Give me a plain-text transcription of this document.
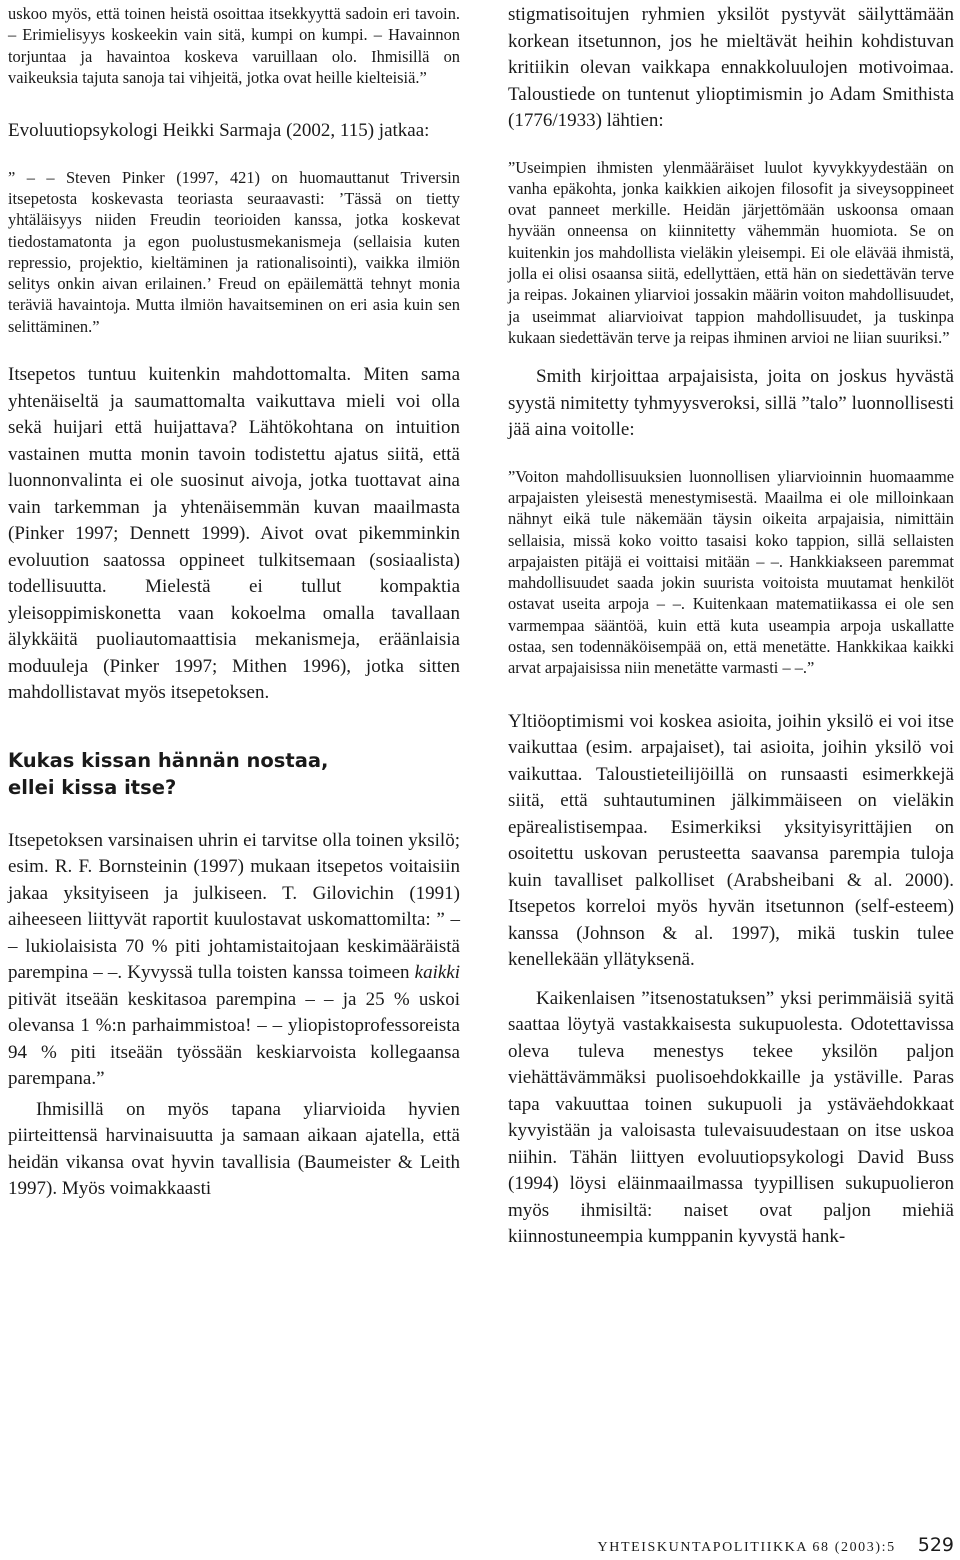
uskoo myös, että toinen heistä osoittaa itsekkyyttä sadoin eri tavoin. – Erimielisyys koskeekin vain sitä, kumpi on kumpi. – Havainnon torjuntaa ja havaintoa koskeva varuillaan olo. Ihmisillä on vaikeuksia tajuta sanoja tai vihjeitä, jotka ovat heille kielteisiä.”

Evoluutiopsykologi Heikki Sarmaja (2002, 115) jatkaa:

” – – Steven Pinker (1997, 421) on huomauttanut Triversin itsepetosta koskevasta teoriasta seuraavasti: ’Tässä on tietty yhtäläisyys niiden Freudin teorioiden kanssa, jotka koskevat tiedostamatonta ja egon puolustusmekanismeja (sellaisia kuten repressio, projektio, kieltäminen ja rationalisointi), vaikka ilmiön selitys onkin aivan erilainen.’ Freud on epäilemättä tehnyt monia teräviä havaintoja. Mutta ilmiön havaitseminen on eri asia kuin sen selittäminen.”

Itsepetos tuntuu kuitenkin mahdottomalta. Miten sama yhtenäiseltä ja saumattomalta vaikuttava mieli voi olla sekä huijari että huijattava? Lähtökohtana on intuition vastainen mutta monin tavoin todistettu ajatus siitä, että luonnonvalinta ei ole suosinut aivoja, jotka tuottavat aina vain tarkemman ja yhtenäisemmän kuvan maailmasta (Pinker 1997; Dennett 1999). Aivot ovat pikemminkin evoluution saatossa oppineet tulkitsemaan (sosiaalista) todellisuutta. Mielestä ei tullut kompaktia yleisoppimiskonetta vaan kokoelma omalla tavallaan älykkäitä puoliautomaattisia mekanismeja, eräänlaisia moduuleja (Pinker 1997; Mithen 1996), jotka sitten mahdollistavat myös itsepetoksen.

Kukas kissan hännän nostaa,
ellei kissa itse?

Itsepetoksen varsinaisen uhrin ei tarvitse olla toinen yksilö; esim. R. F. Bornsteinin (1997) mukaan itsepetos voitaisiin jakaa yksityiseen ja julkiseen. T. Gilovichin (1991) aiheeseen liittyvät raportit kuulostavat uskomattomilta: ” – – lukiolaisista 70 % piti johtamistaitojaan keskimääräistä parempina – –. Kyvyssä tulla toisten kanssa toimeen kaikki pitivät itseään keskitasoa parempina – – ja 25 % uskoi olevansa 1 %:n parhaimmistoa! – – yliopistoprofessoreista 94 % piti itseään työssään keskiarvoista kollegaansa parempana.”

Ihmisillä on myös tapana yliarvioida hyvien piirteittensä harvinaisuutta ja samaan aikaan ajatella, että heidän vikansa ovat hyvin tavallisia (Baumeister & Leith 1997). Myös voimakkaasti

stigmatisoitujen ryhmien yksilöt pystyvät säilyttämään korkean itsetunnon, jos he mieltävät heihin kohdistuvan kritiikin olevan vaikkapa ennakkoluulojen motivoimaa. Taloustiede on tuntenut ylioptimismin jo Adam Smithista (1776/1933) lähtien:

”Useimpien ihmisten ylenmääräiset luulot kyvykkyydestään on vanha epäkohta, jonka kaikkien aikojen filosofit ja siveysoppineet ovat panneet merkille. Heidän järjettömään uskoonsa omaan hyvään onneensa on kiinnitetty vähemmän huomiota. Se on kuitenkin jos mahdollista vieläkin yleisempi. Ei ole elävää ihmistä, jolla ei olisi osaansa siitä, edellyttäen, että hän on siedettävän terve ja reipas. Jokainen yliarvioi jossakin määrin voiton mahdollisuudet, ja useimmat aliarvioivat tappion mahdollisuudet, ja tuskinpa kukaan siedettävän terve ja reipas ihminen arvioi ne liian suuriksi.”

Smith kirjoittaa arpajaisista, joita on joskus hyvästä syystä nimitetty tyhmyysveroksi, sillä ”talo” luonnollisesti jää aina voitolle:

”Voiton mahdollisuuksien luonnollisen yliarvioinnin huomaamme arpajaisten yleisestä menestymisestä. Maailma ei ole milloinkaan nähnyt eikä tule näkemään täysin oikeita arpajaisia, nimittäin sellaisia, missä koko voitto tasaisi koko tappion, sillä sellaisten arpajaisten pitäjä ei voittaisi mitään – –. Hankkiakseen paremmat mahdollisuudet saada jokin suurista voitoista muutamat henkilöt ostavat useita arpoja – –. Kuitenkaan matematiikassa ei ole sen varmempaa sääntöä, kuin että kuta useampia arpoja uskallatte ostaa, sen todennäköisempää on, että menetätte. Hankkikaa kaikki arvat arpajaisissa niin menetätte varmasti – –.”

Yltiöoptimismi voi koskea asioita, joihin yksilö ei voi itse vaikuttaa (esim. arpajaiset), tai asioita, joihin yksilö voi vaikuttaa. Taloustieteilijöillä on runsaasti esimerkkejä siitä, että suhtautuminen jälkimmäiseen on vieläkin epärealistisempaa. Esimerkiksi yksityisyrittäjien on osoitettu uskovan perusteetta saavansa parempia tuloja kuin tavalliset palkolliset (Arabsheibani & al. 2000). Itsepetos korreloi myös hyvän itsetunnon (self-esteem) kanssa (Johnson & al. 1997), mikä tuskin tulee kenellekään yllätyksenä.

Kaikenlaisen ”itsenostatuksen” yksi perimmäisiä syitä saattaa löytyä vastakkaisesta sukupuolesta. Odotettavissa oleva tuleva menestys tekee yksilön paljon viehättävämmäksi puolisoehdokkaille ja ystäville. Paras tapa vakuuttaa toinen sukupuoli ja ystäväehdokkaat kyvyistään ja valoisasta tulevaisuudestaan on itse uskoa niihin. Tähän liittyen evoluutiopsykologi David Buss (1994) löysi eläinmaailmassa tyypillisen sukupuolieron myös ihmisiltä: naiset ovat paljon miehiä kiinnostuneempia kumppanin kyvystä hank-

YHTEISKUNTAPOLITIIKKA 68 (2003):5 529
